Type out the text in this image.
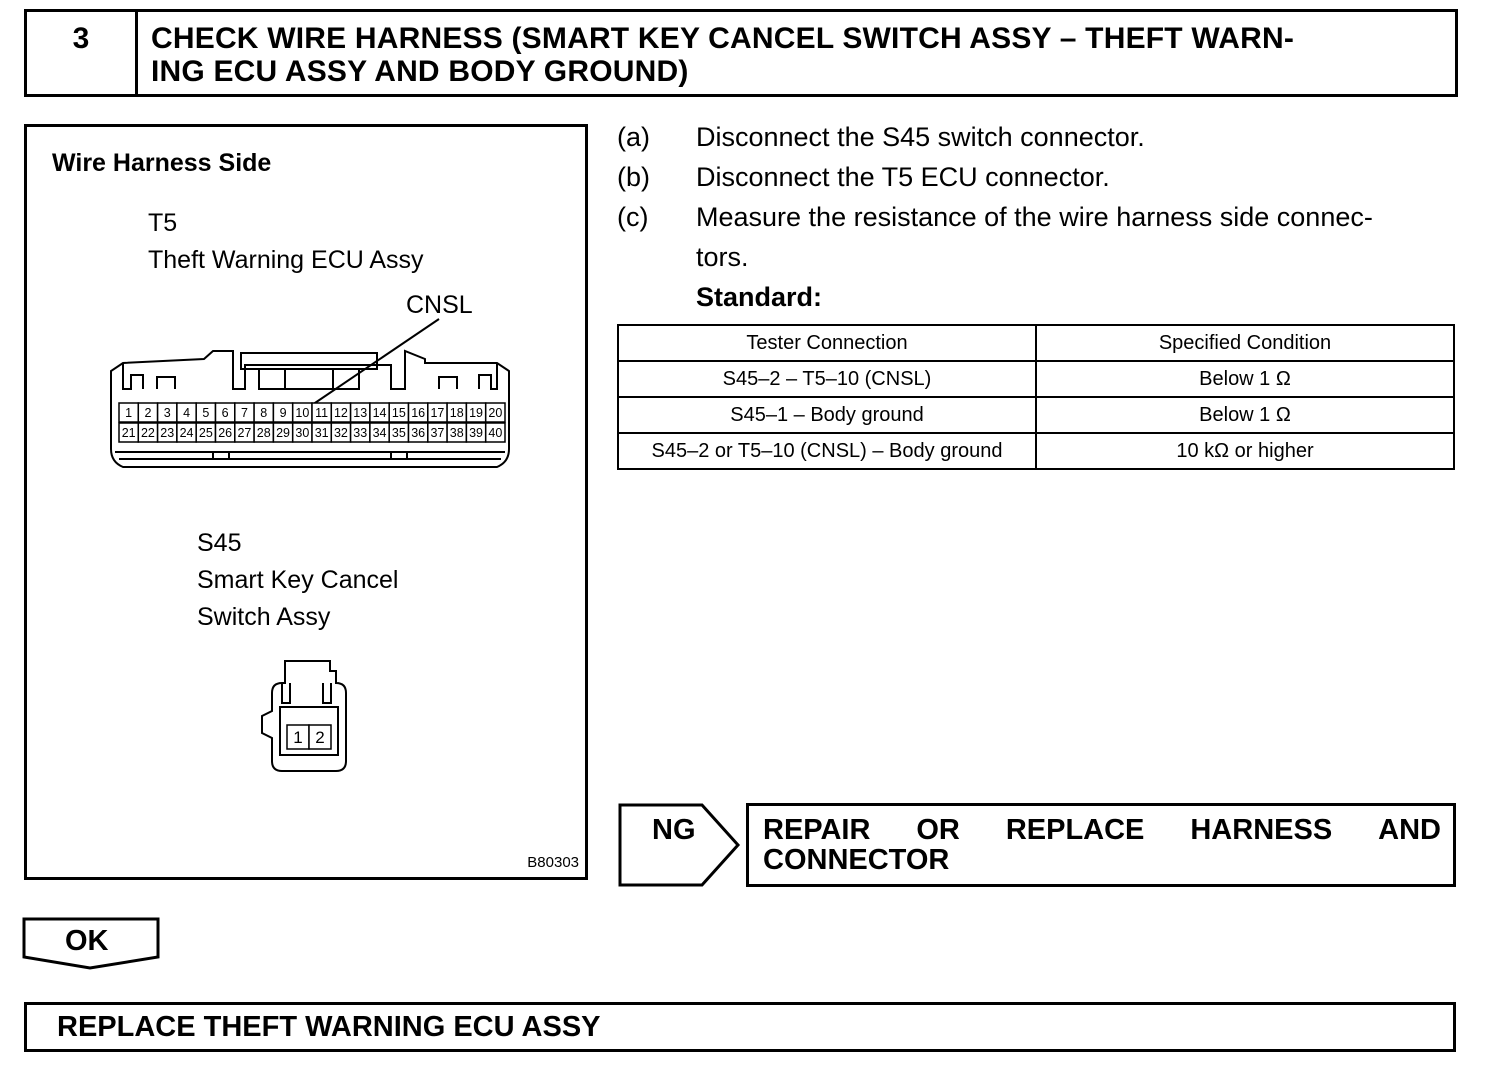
3	CHECK WIRE HARNESS (SMART KEY CANCEL SWITCH ASSY – THEFT WARN-
ING ECU ASSY AND BODY GROUND)
Wire Harness Side
T5
Theft Warning ECU Assy
CNSL
1 2 3 4 5 6 7 8 9 10 11 12 13 14 15 16 17 18 19 20
21 22 23 24 25 26 27 28 29 30 31 32 33 34 35 36 37 38 39 40
1 2
S45
Smart Key Cancel
Switch Assy
B80303
(a) Disconnect the S45 switch connector.
(b) Disconnect the T5 ECU connector.
(c) Measure the resistance of the wire harness side connec-
tors.
Standard:
Tester Connection	Specified Condition
S45–2 – T5–10 (CNSL)	Below 1 Ω
S45–1 – Body ground	Below 1 Ω
S45–2 or T5–10 (CNSL) – Body ground	10 kΩ or higher
NG REPAIR OR REPLACE HARNESS AND
CONNECTOR
OK
REPLACE THEFT WARNING ECU ASSY
